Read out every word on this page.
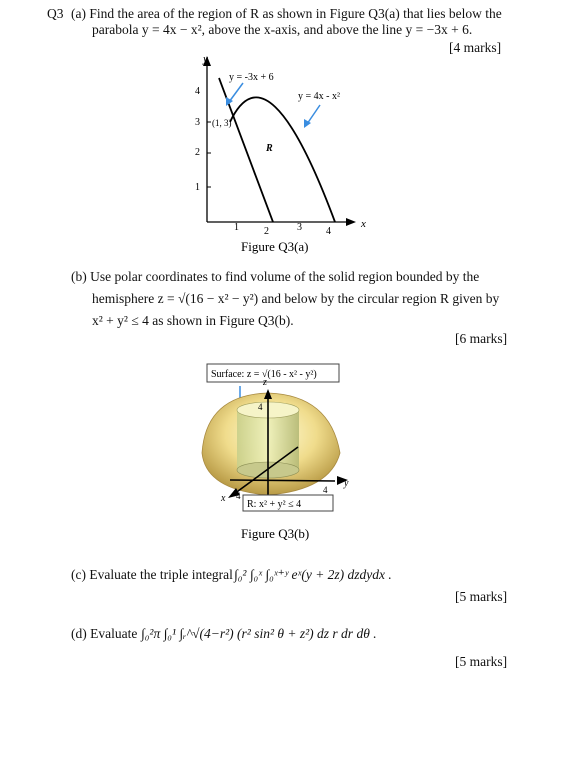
Q3 (a) Find the area of the region of R as shown in Figure Q3(a) that lies below the
parabola y = 4x − x², above the x-axis, and above the line y = −3x + 6.
[4 marks]
y
x
1
2
3
4
1	2	3 4
y = -3x + 6
y = 4x - x²
(1, 3)
R
Figure Q3(a)
(b) Use polar coordinates to find volume of the solid region bounded by the
hemisphere z = √(16 − x² − y²) and below by the circular region R given by
x² + y² ≤ 4 as shown in Figure Q3(b).
[6 marks]
Surface: z = √(16 - x² - y²)
z
4
y
4
x 4
R: x² + y² ≤ 4
Figure Q3(b)
(c) Evaluate the triple integral ∫₀² ∫₀ˣ ∫₀ˣ⁺ʸ eˣ(y + 2z) dzdydx .
[5 marks]
(d) Evaluate ∫₀²π ∫₀¹ ∫ᵣ^√(4−r²) (r² sin² θ + z²) dz r dr dθ .
[5 marks]
